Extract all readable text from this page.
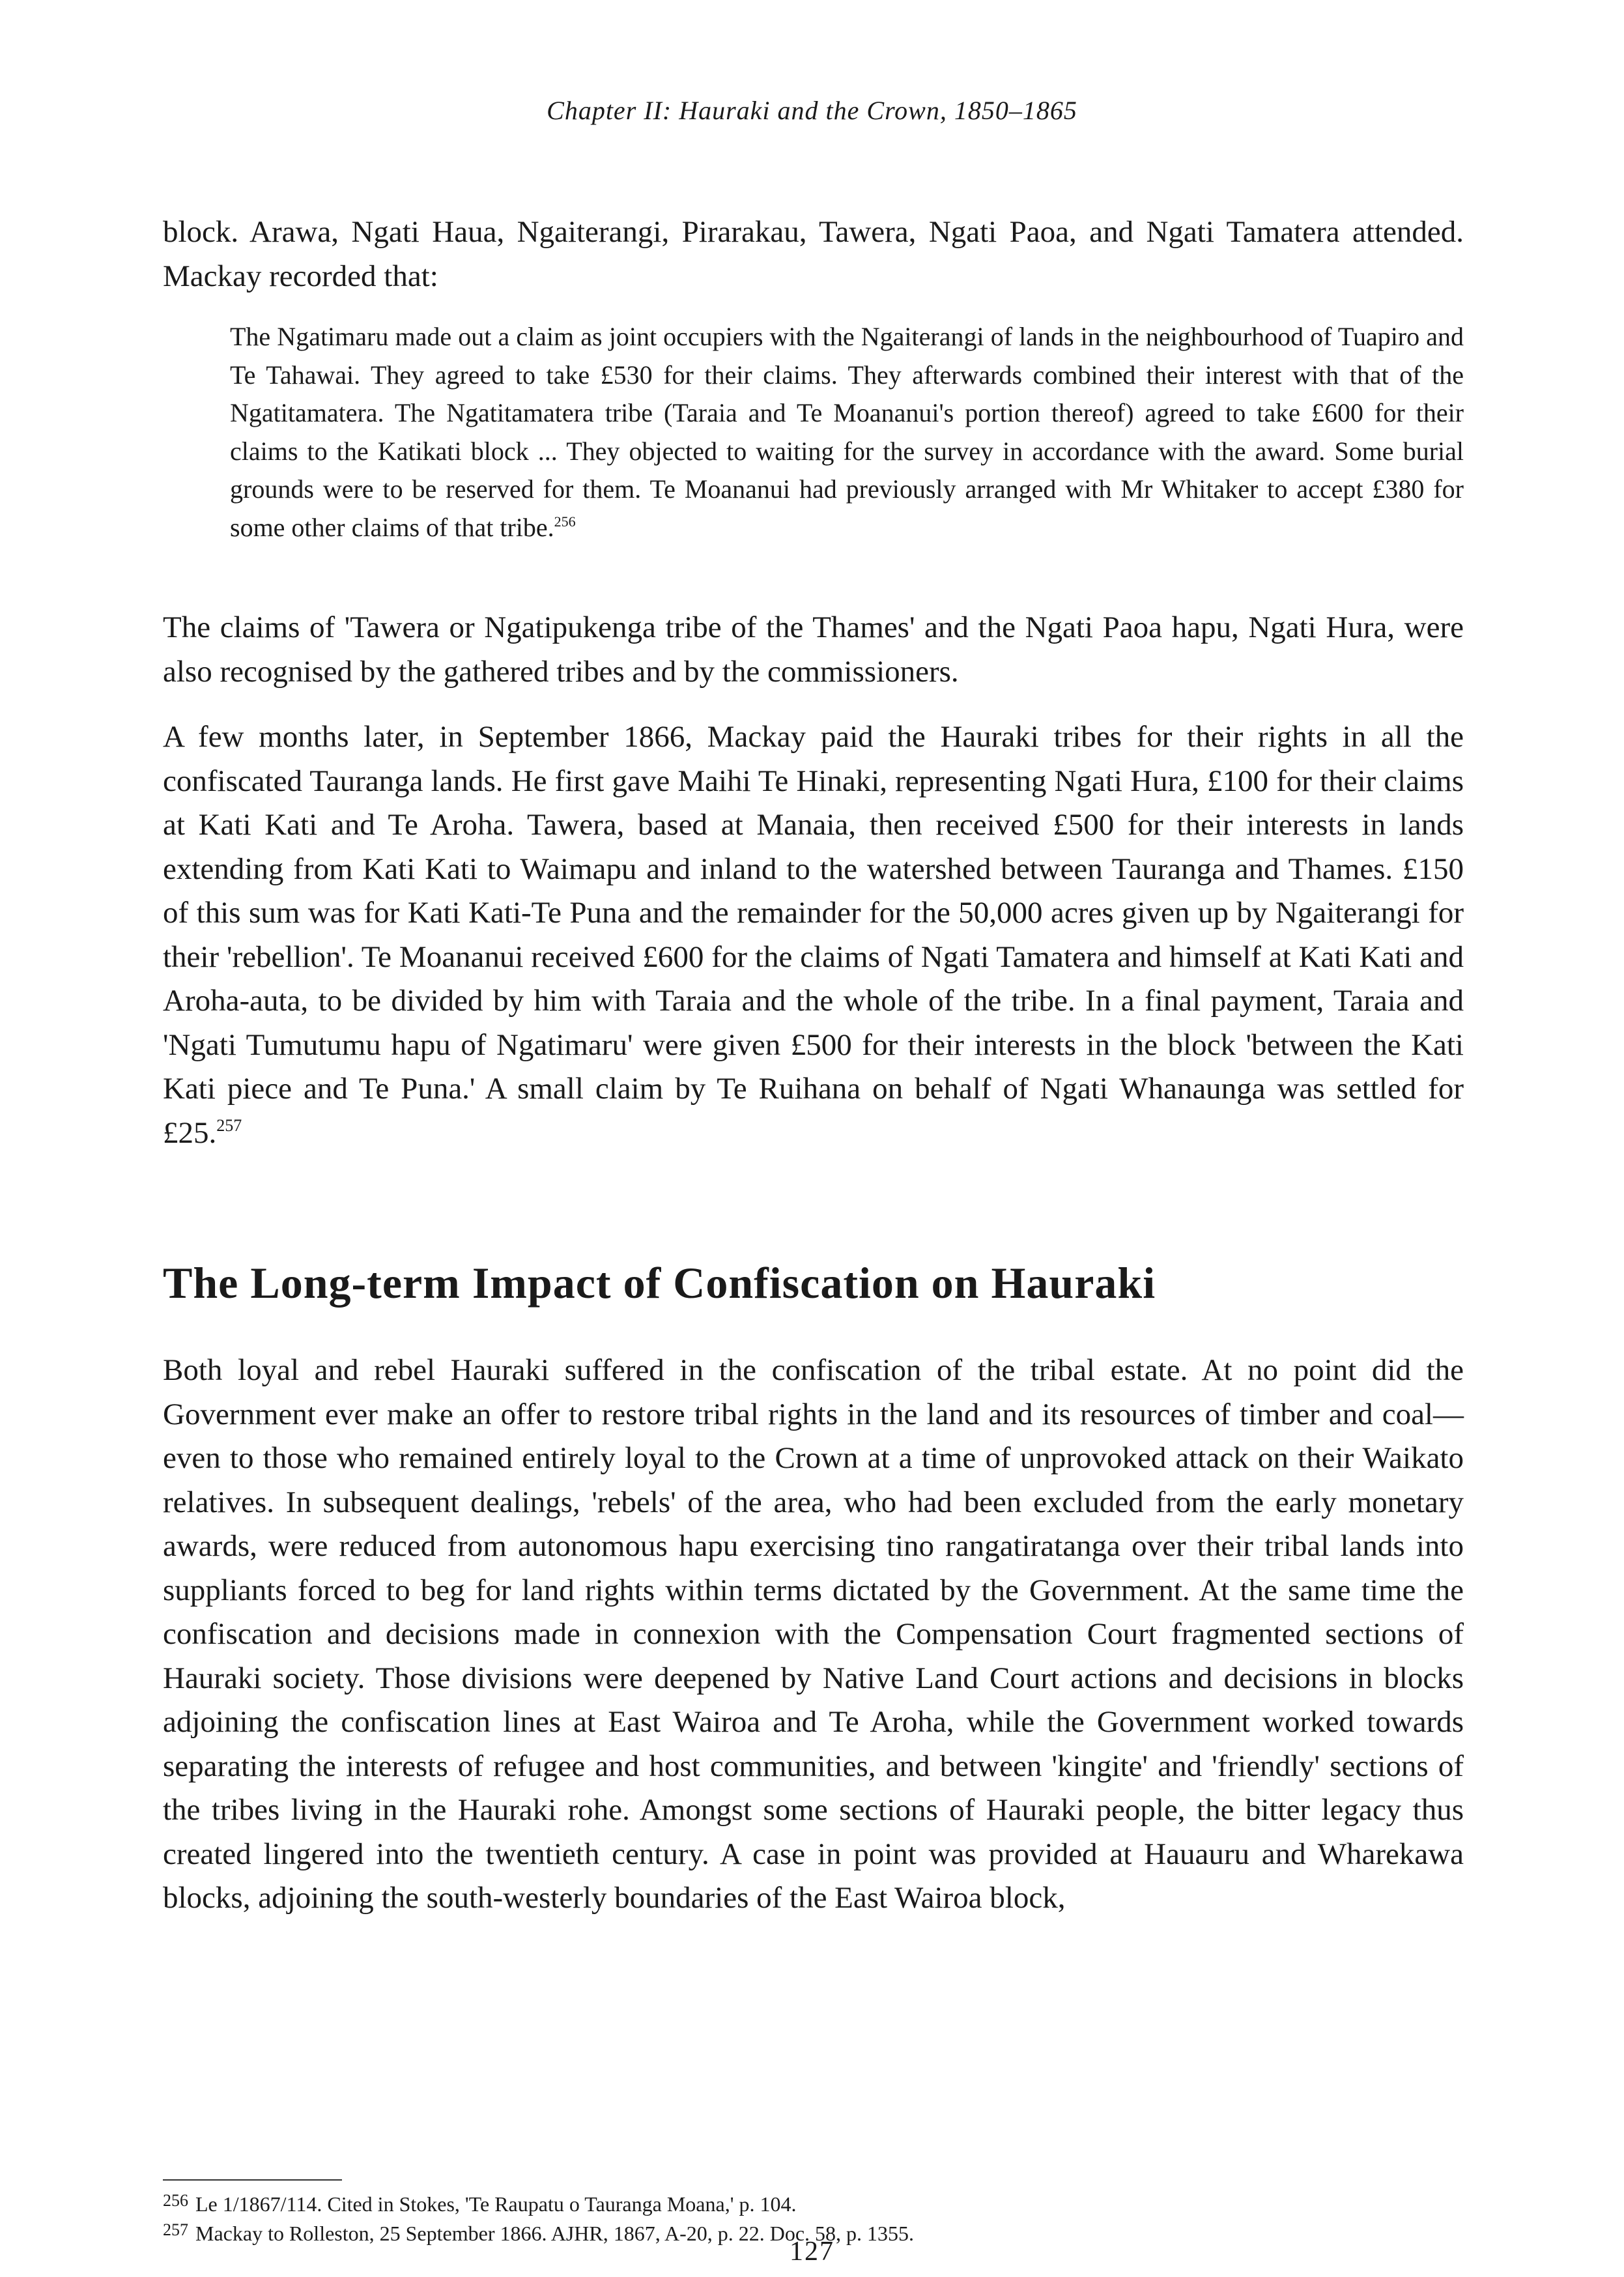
Chapter II: Hauraki and the Crown, 1850–1865

block. Arawa, Ngati Haua, Ngaiterangi, Pirarakau, Tawera, Ngati Paoa, and Ngati Tamatera attended. Mackay recorded that:

The Ngatimaru made out a claim as joint occupiers with the Ngaiterangi of lands in the neighbourhood of Tuapiro and Te Tahawai. They agreed to take £530 for their claims. They afterwards combined their interest with that of the Ngatitamatera. The Ngatitamatera tribe (Taraia and Te Moananui's portion thereof) agreed to take £600 for their claims to the Katikati block ... They objected to waiting for the survey in accordance with the award. Some burial grounds were to be reserved for them. Te Moananui had previously arranged with Mr Whitaker to accept £380 for some other claims of that tribe.$^{256}$

The claims of 'Tawera or Ngatipukenga tribe of the Thames' and the Ngati Paoa hapu, Ngati Hura, were also recognised by the gathered tribes and by the commissioners.

A few months later, in September 1866, Mackay paid the Hauraki tribes for their rights in all the confiscated Tauranga lands. He first gave Maihi Te Hinaki, representing Ngati Hura, £100 for their claims at Kati Kati and Te Aroha. Tawera, based at Manaia, then received £500 for their interests in lands extending from Kati Kati to Waimapu and inland to the watershed between Tauranga and Thames. £150 of this sum was for Kati Kati-Te Puna and the remainder for the 50,000 acres given up by Ngaiterangi for their 'rebellion'. Te Moananui received £600 for the claims of Ngati Tamatera and himself at Kati Kati and Aroha-auta, to be divided by him with Taraia and the whole of the tribe. In a final payment, Taraia and 'Ngati Tumutumu hapu of Ngatimaru' were given £500 for their interests in the block 'between the Kati Kati piece and Te Puna.' A small claim by Te Ruihana on behalf of Ngati Whanaunga was settled for £25.$^{257}$

The Long-term Impact of Confiscation on Hauraki

Both loyal and rebel Hauraki suffered in the confiscation of the tribal estate. At no point did the Government ever make an offer to restore tribal rights in the land and its resources of timber and coal—even to those who remained entirely loyal to the Crown at a time of unprovoked attack on their Waikato relatives. In subsequent dealings, 'rebels' of the area, who had been excluded from the early monetary awards, were reduced from autonomous hapu exercising tino rangatiratanga over their tribal lands into suppliants forced to beg for land rights within terms dictated by the Government. At the same time the confiscation and decisions made in connexion with the Compensation Court fragmented sections of Hauraki society. Those divisions were deepened by Native Land Court actions and decisions in blocks adjoining the confiscation lines at East Wairoa and Te Aroha, while the Government worked towards separating the interests of refugee and host communities, and between 'kingite' and 'friendly' sections of the tribes living in the Hauraki rohe. Amongst some sections of Hauraki people, the bitter legacy thus created lingered into the twentieth century. A case in point was provided at Hauauru and Wharekawa blocks, adjoining the south-westerly boundaries of the East Wairoa block,

256 Le 1/1867/114. Cited in Stokes, 'Te Raupatu o Tauranga Moana,' p. 104.
257 Mackay to Rolleston, 25 September 1866. AJHR, 1867, A-20, p. 22. Doc. 58, p. 1355.
127
